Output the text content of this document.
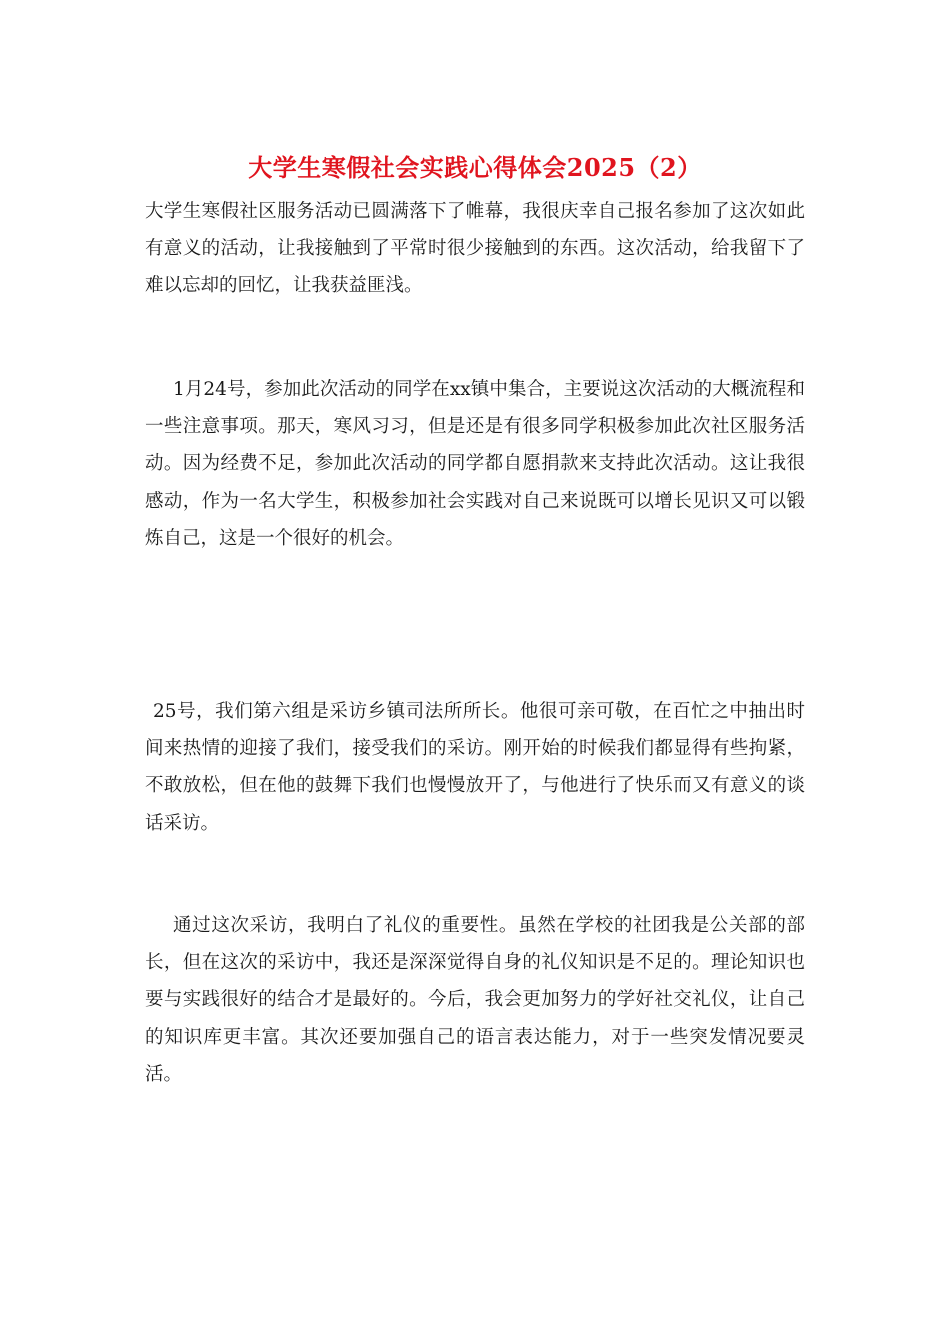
大学生寒假社会实践心得体会2025（2）

大学生寒假社区服务活动已圆满落下了帷幕，我很庆幸自己报名参加了这次如此有意义的活动，让我接触到了平常时很少接触到的东西。这次活动，给我留下了难以忘却的回忆，让我获益匪浅。

1月24号，参加此次活动的同学在xx镇中集合，主要说这次活动的大概流程和一些注意事项。那天，寒风习习，但是还是有很多同学积极参加此次社区服务活动。因为经费不足，参加此次活动的同学都自愿捐款来支持此次活动。这让我很感动，作为一名大学生，积极参加社会实践对自己来说既可以增长见识又可以锻炼自己，这是一个很好的机会。

25号，我们第六组是采访乡镇司法所所长。他很可亲可敬，在百忙之中抽出时间来热情的迎接了我们，接受我们的采访。刚开始的时候我们都显得有些拘紧，不敢放松，但在他的鼓舞下我们也慢慢放开了，与他进行了快乐而又有意义的谈话采访。

通过这次采访，我明白了礼仪的重要性。虽然在学校的社团我是公关部的部长，但在这次的采访中，我还是深深觉得自身的礼仪知识是不足的。理论知识也要与实践很好的结合才是最好的。今后，我会更加努力的学好社交礼仪，让自己的知识库更丰富。其次还要加强自己的语言表达能力，对于一些突发情况要灵活。
